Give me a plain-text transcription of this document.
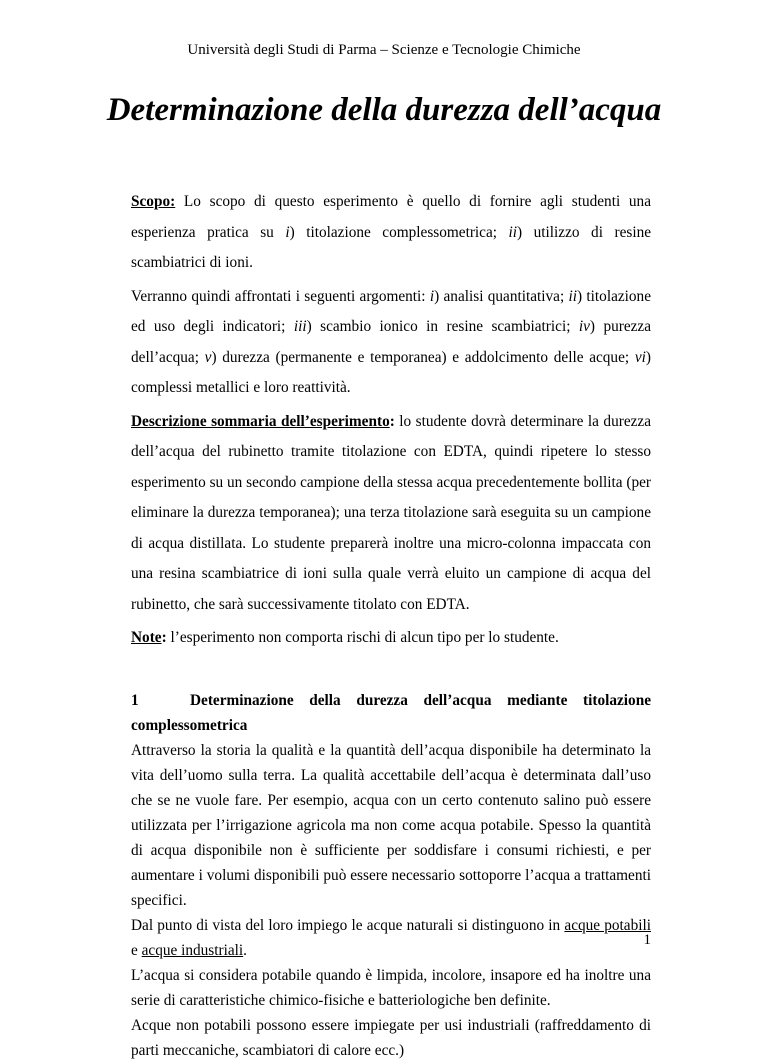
Università degli Studi di Parma – Scienze e Tecnologie Chimiche
Determinazione della durezza dell’acqua

Scopo: Lo scopo di questo esperimento è quello di fornire agli studenti una esperienza pratica su i) titolazione complessometrica; ii) utilizzo di resine scambiatrici di ioni.

Verranno quindi affrontati i seguenti argomenti: i) analisi quantitativa; ii) titolazione ed uso degli indicatori; iii) scambio ionico in resine scambiatrici; iv) purezza dell’acqua; v) durezza (permanente e temporanea) e addolcimento delle acque; vi) complessi metallici e loro reattività.

Descrizione sommaria dell’esperimento: lo studente dovrà determinare la durezza dell’acqua del rubinetto tramite titolazione con EDTA, quindi ripetere lo stesso esperimento su un secondo campione della stessa acqua precedentemente bollita (per eliminare la durezza temporanea); una terza titolazione sarà eseguita su un campione di acqua distillata. Lo studente preparerà inoltre una micro-colonna impaccata con una resina scambiatrice di ioni sulla quale verrà eluito un campione di acqua del rubinetto, che sarà successivamente titolato con EDTA.

Note: l’esperimento non comporta rischi di alcun tipo per lo studente.

1	Determinazione della durezza dell’acqua mediante titolazione complessometrica

Attraverso la storia la qualità e la quantità dell’acqua disponibile ha determinato la vita dell’uomo sulla terra. La qualità accettabile dell’acqua è determinata dall’uso che se ne vuole fare. Per esempio, acqua con un certo contenuto salino può essere utilizzata per l’irrigazione agricola ma non come acqua potabile. Spesso la quantità di acqua disponibile non è sufficiente per soddisfare i consumi richiesti, e per aumentare i volumi disponibili può essere necessario sottoporre l’acqua a trattamenti specifici.

Dal punto di vista del loro impiego le acque naturali si distinguono in acque potabili e acque industriali.

L’acqua si considera potabile quando è limpida, incolore, insapore ed ha inoltre una serie di caratteristiche chimico-fisiche e batteriologiche ben definite.

Acque non potabili possono essere impiegate per usi industriali (raffreddamento di parti meccaniche, scambiatori di calore ecc.)

1
